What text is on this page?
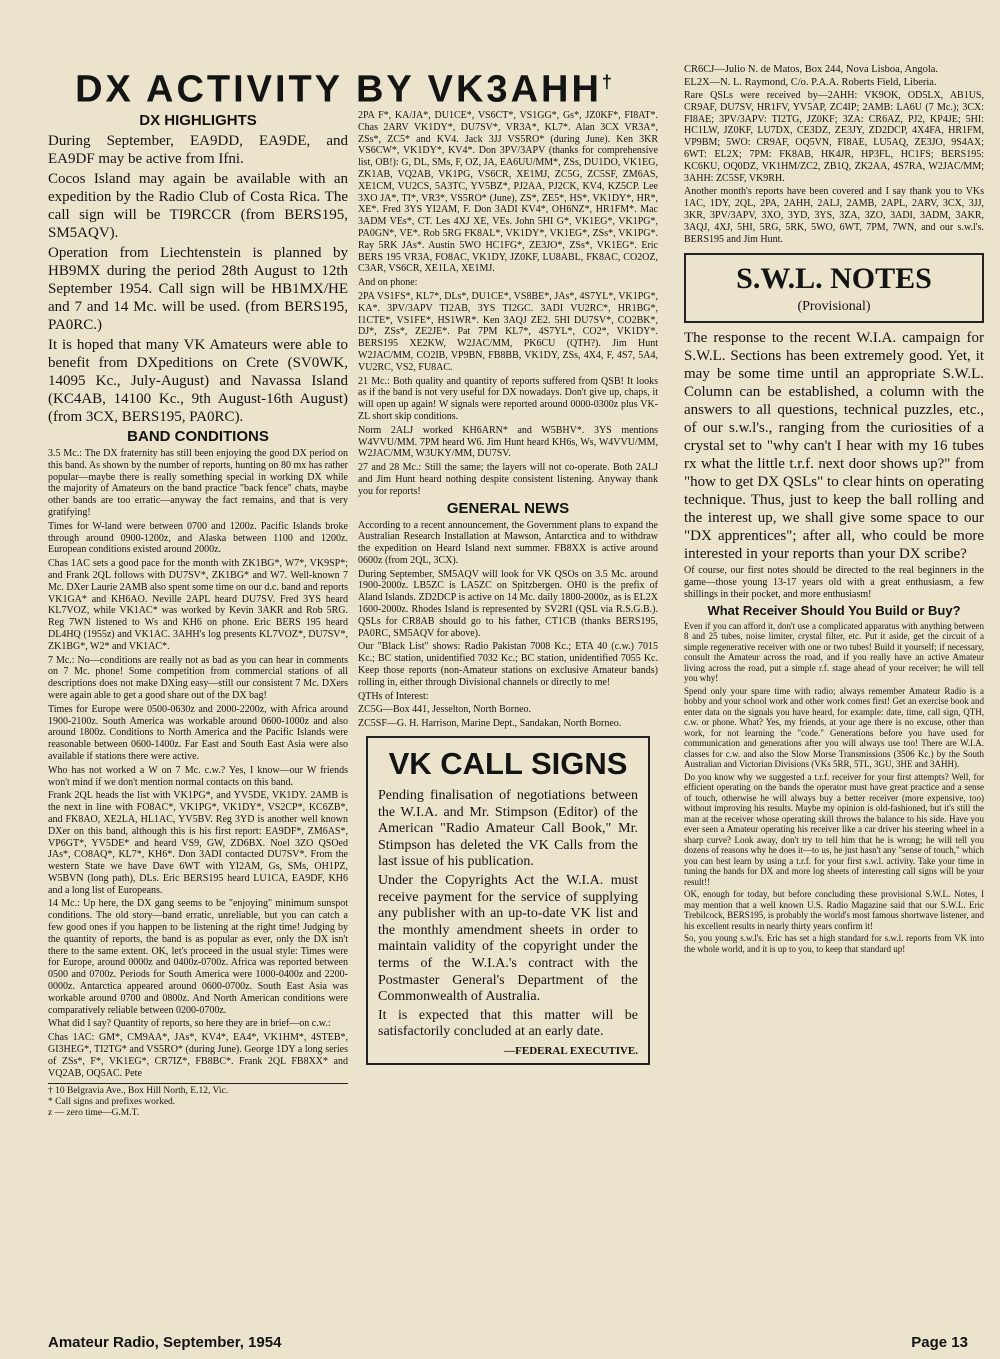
DX ACTIVITY BY VK3AHH†
DX HIGHLIGHTS

During September, EA9DD, EA9DE, and EA9DF may be active from Ifni.

Cocos Island may again be available with an expedition by the Radio Club of Costa Rica. The call sign will be TI9RCCR (from BERS195, SM5AQV).

Operation from Liechtenstein is planned by HB9MX during the period 28th August to 12th September 1954. Call sign will be HB1MX/HE and 7 and 14 Mc. will be used. (from BERS195, PA0RC.)

It is hoped that many VK Amateurs were able to benefit from DXpeditions on Crete (SV0WK, 14095 Kc., July-August) and Navassa Island (KC4AB, 14100 Kc., 9th August-16th August) (from 3CX, BERS195, PA0RC).

BAND CONDITIONS

3.5 Mc.: The DX fraternity has still been enjoying the good DX period on this band. As shown by the number of reports, hunting on 80 mx has rather popular—maybe there is really something special in working DX while the majority of Amateurs on the band practice "back fence" chats, maybe other bands are too erratic—anyway the fact remains, and that is very gratifying!

Times for W-land were between 0700 and 1200z. Pacific Islands broke through around 0900-1200z, and Alaska between 1100 and 1200z. European conditions existed around 2000z.

Chas 1AC sets a good pace for the month with ZK1BG*, W7*, VK9SP*; and Frank 2QL follows with DU7SV*, ZK1BG* and W7. Well-known 7 Mc. DXer Laurie 2AMB also spent some time on our d.c. band and reports VK1GA* and KH6AO. Neville 2APL heard DU7SV. Fred 3YS heard KL7VOZ, while VK1AC* was worked by Kevin 3AKR and Rob 5RG. Reg 7WN listened to Ws and KH6 on phone. Eric BERS 195 heard DL4HQ (1955z) and VK1AC. 3AHH's log presents KL7VOZ*, DU7SV*, ZK1BG*, W2* and VK1AC*.

7 Mc.: No—conditions are really not as bad as you can hear in comments on 7 Mc. phone! Some competition from commercial stations of all descriptions does not make DXing easy—still our consistent 7 Mc. DXers were again able to get a good share out of the DX bag!

Times for Europe were 0500-0630z and 2000-2200z, with Africa around 1900-2100z. South America was workable around 0600-1000z and also around 1800z. Conditions to North America and the Pacific Islands were reasonable between 0600-1400z. Far East and South East Asia were also available if stations there were active.

Who has not worked a W on 7 Mc. c.w.? Yes, I know—our W friends won't mind if we don't mention normal contacts on this band.

Frank 2QL heads the list with VK1PG*, and YV5DE, VK1DY. 2AMB is the next in line with FO8AC*, VK1PG*, VK1DY*, VS2CP*, KC6ZB*, and FK8AO, XE2LA, HL1AC, YV5BV. Reg 3YD is another well known DXer on this band, although this is his first report: EA9DF*, ZM6AS*, VP6GT*, YV5DE* and heard VS9, GW, ZD6BX. Noel 3ZO QSOed JAs*, CO8AQ*, KL7*, KH6*. Don 3ADI contacted DU7SV*. From the western State we have Dave 6WT with YI2AM, Gs, SMs, OH1PZ, W5BVN (long path), DLs. Eric BERS195 heard LU1CA, EA9DF, KH6 and a long list of Europeans.

14 Mc.: Up here, the DX gang seems to be "enjoying" minimum sunspot conditions. The old story—band erratic, unreliable, but you can catch a few good ones if you happen to be listening at the right time! Judging by the quantity of reports, the band is as popular as ever, only the DX isn't there to the same extent. OK, let's proceed in the usual style: Times were for Europe, around 0000z and 0400z-0700z. Africa was reported between 0500 and 0700z. Periods for South America were 1000-0400z and 2200-0000z. Antarctica appeared around 0600-0700z. South East Asia was workable around 0700 and 0800z. And North American conditions were comparatively reliable between 0200-0700z.

What did I say? Quantity of reports, so here they are in brief—on c.w.:

Chas 1AC: GM*, CM9AA*, JAs*, KV4*, EA4*, VK1HM*, 4STEB*, GI3HEG*, TI2TG* and VS5RO* (during June). George 1DY a long series of ZSs*, F*, VK1EG*, CR7IZ*, FB8BC*. Frank 2QL FB8XX* and VQ2AB, OQ5AC. Pete

† 10 Belgravia Ave., Box Hill North, E.12, Vic.
* Call signs and prefixes worked.
z — zero time—G.M.T.

2PA F*, KA/JA*, DU1CE*, VS6CT*, VS1GG*, Gs*, JZ0KF*, FI8AT*. Chas 2ARV VK1DY*, DU7SV*, VR3A*, KL7*. Alan 3CX VR3A*, ZSs*, ZC5* and KV4. Jack 3JJ VS5RO* (during June). Ken 3KR VS6CW*, VK1DY*, KV4*. Don 3PV/3APV (thanks for comprehensive list, OB!): G, DL, SMs, F, OZ, JA, EA6UU/MM*, ZSs, DU1DO, VK1EG, ZK1AB, VQ2AB, VK1PG, VS6CR, XE1MJ, ZC5G, ZC5SF, ZM6AS, XE1CM, VU2CS, 5A3TC, YV5BZ*, PJ2AA, PJ2CK, KV4, KZ5CP. Lee 3XO JA*, TI*, VR3*, VS5RO* (June), ZS*, ZE5*, HS*, VK1DY*, HR*, XE*. Fred 3YS YI2AM, F. Don 3ADI KV4*, OH6NZ*, HR1FM*. Mac 3ADM VEs*, CT. Les 4XJ XE, VEs. John 5HI G*, VK1EG*, VK1PG*, PA0GN*, VE*. Rob 5RG FK8AL*, VK1DY*, VK1EG*, ZSs*, VK1PG*. Ray 5RK JAs*. Austin 5WO HC1FG*, ZE3JO*, ZSs*, VK1EG*. Eric BERS 195 VR3A, FO8AC, VK1DY, JZ0KF, LU8ABL, FK8AC, CO2OZ, C3AR, VS6CR, XE1LA, XE1MJ.

And on phone:

2PA VS1FS*, KL7*, DLs*, DU1CE*, VS8BE*, JAs*, 4S7YL*, VK1PG*, KA*. 3PV/3APV TI2AB, 3YS TI2GC. 3ADI VU2RC*, HR1BG*, I1CTE*, VS1FE*, HS1WR*. Ken 3AQJ ZE2. 5HI DU7SV*, CO2BK*, DJ*, ZSs*, ZE2JE*. Pat 7PM KL7*, 4S7YL*, CO2*, VK1DY*. BERS195 XE2KW, W2JAC/MM, PK6CU (QTH?). Jim Hunt W2JAC/MM, CO2IB, VP9BN, FB8BB, VK1DY, ZSs, 4X4, F, 4S7, 5A4, VU2RC, VS2, FU8AC.

21 Mc.: Both quality and quantity of reports suffered from QSB! It looks as if the band is not very useful for DX nowadays. Don't give up, chaps, it will open up again! W signals were reported around 0000-0300z plus VK-ZL short skip conditions.

Norm 2ALJ worked KH6ARN* and W5BHV*. 3YS mentions W4VVU/MM. 7PM heard W6. Jim Hunt heard KH6s, Ws, W4VVU/MM, W2JAC/MM, W3UKY/MM, DU7SV.

27 and 28 Mc.: Still the same; the layers will not co-operate. Both 2ALJ and Jim Hunt heard nothing despite consistent listening. Anyway thank you for reports!

GENERAL NEWS

According to a recent announcement, the Government plans to expand the Australian Research Installation at Mawson, Antarctica and to withdraw the expedition on Heard Island next summer. FB8XX is active around 0600z (from 2QL, 3CX).

During September, SM5AQV will look for VK QSOs on 3.5 Mc. around 1900-2000z. LB5ZC is LA5ZC on Spitzbergen. OH0 is the prefix of Aland Islands. ZD2DCP is active on 14 Mc. daily 1800-2000z, as is EL2X 1600-2000z. Rhodes Island is represented by SV2RI (QSL via R.S.G.B.). QSLs for CR8AB should go to his father, CT1CB (thanks BERS195, PA0RC, SM5AQV for above).

Our "Black List" shows: Radio Pakistan 7008 Kc.; ETA 40 (c.w.) 7015 Kc.; BC station, unidentified 7032 Kc.; BC station, unidentified 7055 Kc. Keep those reports (non-Amateur stations on exclusive Amateur bands) rolling in, either through Divisional channels or directly to me!

QTHs of Interest:

ZC5G—Box 441, Jesselton, North Borneo.

ZC5SF—G. H. Harrison, Marine Dept., Sandakan, North Borneo.

VK CALL SIGNS

Pending finalisation of negotiations between the W.I.A. and Mr. Stimpson (Editor) of the American "Radio Amateur Call Book," Mr. Stimpson has deleted the VK Calls from the last issue of his publication.

Under the Copyrights Act the W.I.A. must receive payment for the service of supplying any publisher with an up-to-date VK list and the monthly amendment sheets in order to maintain validity of the copyright under the terms of the W.I.A.'s contract with the Postmaster General's Department of the Commonwealth of Australia.

It is expected that this matter will be satisfactorily concluded at an early date.

—FEDERAL EXECUTIVE.

CR6CJ—Julio N. de Matos, Box 244, Nova Lisboa, Angola.

EL2X—N. L. Raymond, C/o. P.A.A. Roberts Field, Liberia.

Rare QSLs were received by—2AHH: VK9OK, OD5LX, AB1US, CR9AF, DU7SV, HR1FV, YV5AP, ZC4IP; 2AMB: LA6U (7 Mc.); 3CX: FI8AE; 3PV/3APV: TI2TG, JZ0KF; 3ZA: CR6AZ, PJ2, KP4JE; 5HI: HC1LW, JZ0KF, LU7DX, CE3DZ, ZE3JY, ZD2DCP, 4X4FA, HR1FM, VP9BM; 5WO: CR9AF, OQ5VN, FI8AE, LU5AQ, ZE3JO, 9S4AX; 6WT: EL2X; 7PM: FK8AB, HK4JR, HP3FL, HC1FS; BERS195: KC6KU, OQ0DZ, VK1HM/ZC2, ZB1Q, ZK2AA, 4S7RA, W2JAC/MM; 3AHH: ZC5SF, VK9RH.

Another month's reports have been covered and I say thank you to VKs 1AC, 1DY, 2QL, 2PA, 2AHH, 2ALJ, 2AMB, 2APL, 2ARV, 3CX, 3JJ, 3KR, 3PV/3APV, 3XO, 3YD, 3YS, 3ZA, 3ZO, 3ADI, 3ADM, 3AKR, 3AQJ, 4XJ, 5HI, 5RG, 5RK, 5WO, 6WT, 7PM, 7WN, and our s.w.l's. BERS195 and Jim Hunt.

S.W.L. NOTES
(Provisional)

The response to the recent W.I.A. campaign for S.W.L. Sections has been extremely good. Yet, it may be some time until an appropriate S.W.L. Column can be established, a column with the answers to all questions, technical puzzles, etc., of our s.w.l's., ranging from the curiosities of a crystal set to "why can't I hear with my 16 tubes rx what the little t.r.f. next door shows up?" from "how to get DX QSLs" to clear hints on operating technique. Thus, just to keep the ball rolling and the interest up, we shall give some space to our "DX apprentices"; after all, who could be more interested in your reports than your DX scribe?

Of course, our first notes should be directed to the real beginners in the game—those young 13-17 years old with a great enthusiasm, a few shillings in their pocket, and more enthusiasm!

What Receiver Should You Build or Buy?

Even if you can afford it, don't use a complicated apparatus with anything between 8 and 25 tubes, noise limiter, crystal filter, etc. Put it aside, get the circuit of a simple regenerative receiver with one or two tubes! Build it yourself; if necessary, consult the Amateur across the road, and if you really have an active Amateur living across the road, put a simple r.f. stage ahead of your receiver; he will tell you why!

Spend only your spare time with radio; always remember Amateur Radio is a hobby and your school work and other work comes first! Get an exercise book and enter data on the signals you have heard, for example: date, time, call sign, QTH, c.w. or phone. What? Yes, my friends, at your age there is no excuse, other than work, for not learning the "code." Generations before you have used for communication and generations after you will always use too! There are W.I.A. classes for c.w. and also the Slow Morse Transmissions (3506 Kc.) by the South Australian and Victorian Divisions (VKs 5RR, 5TL, 3GU, 3HE and 3AHH).

Do you know why we suggested a t.r.f. receiver for your first attempts? Well, for efficient operating on the bands the operator must have great practice and a sense of touch, otherwise he will always buy a better receiver (more expensive, too) without improving his results. Maybe my opinion is old-fashioned, but it's still the man at the receiver whose operating skill throws the balance to his side. Have you ever seen a Amateur operating his receiver like a car driver his steering wheel in a sharp curve? Look away, don't try to tell him that he is wrong; he will tell you dozens of reasons why he does it—to us, he just hasn't any "sense of touch," which you can best learn by using a t.r.f. for your first s.w.l. activity. Take your time in tuning the bands for DX and more log sheets of interesting call signs will be your result!!

OK, enough for today, but before concluding these provisional S.W.L. Notes, I may mention that a well known U.S. Radio Magazine said that our S.W.L. Eric Trebilcock, BERS195, is probably the world's most famous shortwave listener, and his excellent results in nearly thirty years confirm it!

So, you young s.w.l's. Eric has set a high standard for s.w.l. reports from VK into the whole world, and it is up to you, to keep that standard up!

Amateur Radio, September, 1954	Page 13
